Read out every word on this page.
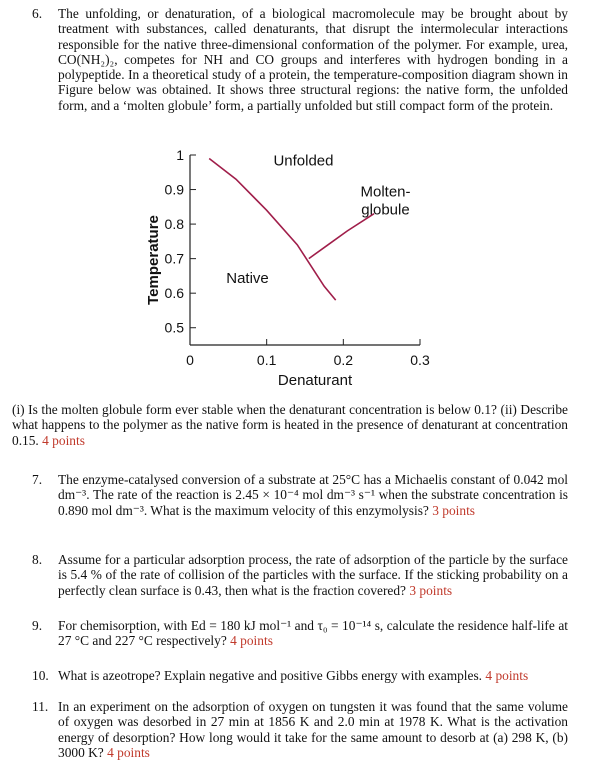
6. The unfolding, or denaturation, of a biological macromolecule may be brought about by treatment with substances, called denaturants, that disrupt the intermolecular interactions responsible for the native three-dimensional conformation of the polymer. For example, urea, CO(NH₂)₂, competes for NH and CO groups and interferes with hydrogen bonding in a polypeptide. In a theoretical study of a protein, the temperature-composition diagram shown in Figure below was obtained. It shows three structural regions: the native form, the unfolded form, and a ‘molten globule’ form, a partially unfolded but still compact form of the protein.
0.5
0.6
0.7
0.8
0.9
1
0	0.1	0.2	0.3
Denaturant
Temperature
Unfolded
Native
Molten-globule
(i) Is the molten globule form ever stable when the denaturant concentration is below 0.1? (ii) Describe what happens to the polymer as the native form is heated in the presence of denaturant at concentration 0.15. 4 points
7. The enzyme-catalysed conversion of a substrate at 25°C has a Michaelis constant of 0.042 mol dm⁻³. The rate of the reaction is 2.45 × 10⁻⁴ mol dm⁻³ s⁻¹ when the substrate concentration is 0.890 mol dm⁻³. What is the maximum velocity of this enzymolysis? 3 points
8. Assume for a particular adsorption process, the rate of adsorption of the particle by the surface is 5.4 % of the rate of collision of the particles with the surface. If the sticking probability on a perfectly clean surface is 0.43, then what is the fraction covered? 3 points
9. For chemisorption, with Ed = 180 kJ mol⁻¹ and τ₀ = 10⁻¹⁴ s, calculate the residence half-life at 27 °C and 227 °C respectively? 4 points
10. What is azeotrope? Explain negative and positive Gibbs energy with examples. 4 points
11. In an experiment on the adsorption of oxygen on tungsten it was found that the same volume of oxygen was desorbed in 27 min at 1856 K and 2.0 min at 1978 K. What is the activation energy of desorption? How long would it take for the same amount to desorb at (a) 298 K, (b) 3000 K? 4 points
